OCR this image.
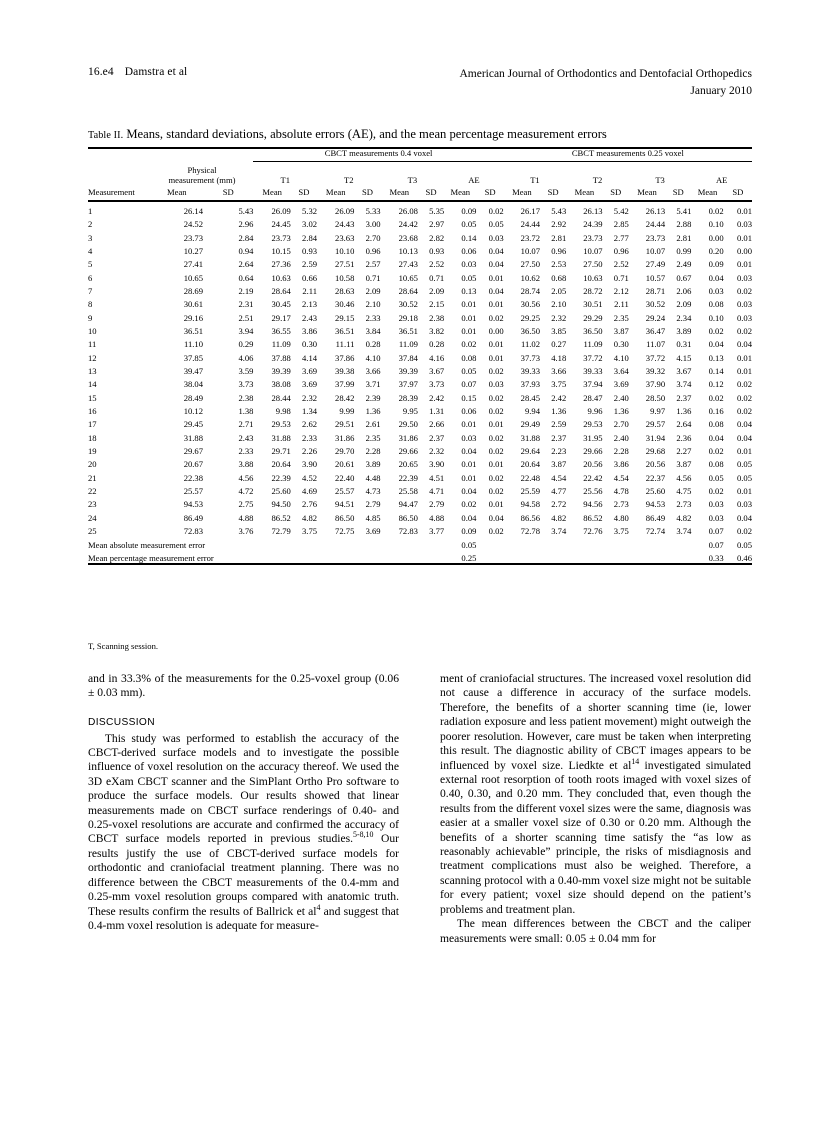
16.e4 Damstra et al	American Journal of Orthodontics and Dentofacial Orthopedics
January 2010
Table II. Means, standard deviations, absolute errors (AE), and the mean percentage measurement errors
			CBCT measurements 0.4 voxel								CBCT measurements 0.25 voxel							

	Physical
measurement (mm)		T1		T2		T3		AE		T1		T2		T3		AE	
Measurement	Mean	SD	Mean	SD	Mean	SD	Mean	SD	Mean	SD	Mean	SD	Mean	SD	Mean	SD	Mean	SD
1	26.14	5.43	26.09	5.32	26.09	5.33	26.08	5.35	0.09	0.02	26.17	5.43	26.13	5.42	26.13	5.41	0.02	0.01
2	24.52	2.96	24.45	3.02	24.43	3.00	24.42	2.97	0.05	0.05	24.44	2.92	24.39	2.85	24.44	2.88	0.10	0.03
3	23.73	2.84	23.73	2.84	23.63	2.70	23.68	2.82	0.14	0.03	23.72	2.81	23.73	2.77	23.73	2.81	0.00	0.01
4	10.27	0.94	10.15	0.93	10.10	0.96	10.13	0.93	0.06	0.04	10.07	0.96	10.07	0.96	10.07	0.99	0.20	0.00
5	27.41	2.64	27.36	2.59	27.51	2.57	27.43	2.52	0.03	0.04	27.50	2.53	27.50	2.52	27.49	2.49	0.09	0.01
6	10.65	0.64	10.63	0.66	10.58	0.71	10.65	0.71	0.05	0.01	10.62	0.68	10.63	0.71	10.57	0.67	0.04	0.03
7	28.69	2.19	28.64	2.11	28.63	2.09	28.64	2.09	0.13	0.04	28.74	2.05	28.72	2.12	28.71	2.06	0.03	0.02
8	30.61	2.31	30.45	2.13	30.46	2.10	30.52	2.15	0.01	0.01	30.56	2.10	30.51	2.11	30.52	2.09	0.08	0.03
9	29.16	2.51	29.17	2.43	29.15	2.33	29.18	2.38	0.01	0.02	29.25	2.32	29.29	2.35	29.24	2.34	0.10	0.03
10	36.51	3.94	36.55	3.86	36.51	3.84	36.51	3.82	0.01	0.00	36.50	3.85	36.50	3.87	36.47	3.89	0.02	0.02
11	11.10	0.29	11.09	0.30	11.11	0.28	11.09	0.28	0.02	0.01	11.02	0.27	11.09	0.30	11.07	0.31	0.04	0.04
12	37.85	4.06	37.88	4.14	37.86	4.10	37.84	4.16	0.08	0.01	37.73	4.18	37.72	4.10	37.72	4.15	0.13	0.01
13	39.47	3.59	39.39	3.69	39.38	3.66	39.39	3.67	0.05	0.02	39.33	3.66	39.33	3.64	39.32	3.67	0.14	0.01
14	38.04	3.73	38.08	3.69	37.99	3.71	37.97	3.73	0.07	0.03	37.93	3.75	37.94	3.69	37.90	3.74	0.12	0.02
15	28.49	2.38	28.44	2.32	28.42	2.39	28.39	2.42	0.15	0.02	28.45	2.42	28.47	2.40	28.50	2.37	0.02	0.02
16	10.12	1.38	9.98	1.34	9.99	1.36	9.95	1.31	0.06	0.02	9.94	1.36	9.96	1.36	9.97	1.36	0.16	0.02
17	29.45	2.71	29.53	2.62	29.51	2.61	29.50	2.66	0.01	0.01	29.49	2.59	29.53	2.70	29.57	2.64	0.08	0.04
18	31.88	2.43	31.88	2.33	31.86	2.35	31.86	2.37	0.03	0.02	31.88	2.37	31.95	2.40	31.94	2.36	0.04	0.04
19	29.67	2.33	29.71	2.26	29.70	2.28	29.66	2.32	0.04	0.02	29.64	2.23	29.66	2.28	29.68	2.27	0.02	0.01
20	20.67	3.88	20.64	3.90	20.61	3.89	20.65	3.90	0.01	0.01	20.64	3.87	20.56	3.86	20.56	3.87	0.08	0.05
21	22.38	4.56	22.39	4.52	22.40	4.48	22.39	4.51	0.01	0.02	22.48	4.54	22.42	4.54	22.37	4.56	0.05	0.05
22	25.57	4.72	25.60	4.69	25.57	4.73	25.58	4.71	0.04	0.02	25.59	4.77	25.56	4.78	25.60	4.75	0.02	0.01
23	94.53	2.75	94.50	2.76	94.51	2.79	94.47	2.79	0.02	0.01	94.58	2.72	94.56	2.73	94.53	2.73	0.03	0.03
24	86.49	4.88	86.52	4.82	86.50	4.85	86.50	4.88	0.04	0.04	86.56	4.82	86.52	4.80	86.49	4.82	0.03	0.04
25	72.83	3.76	72.79	3.75	72.75	3.69	72.83	3.77	0.09	0.02	72.78	3.74	72.76	3.75	72.74	3.74	0.07	0.02
Mean absolute measurement error									0.05								0.07	0.05
Mean percentage measurement error									0.25								0.33	0.46
T, Scanning session.

and in 33.3% of the measurements for the 0.25-voxel group (0.06 ± 0.03 mm).

DISCUSSION

This study was performed to establish the accuracy of the CBCT-derived surface models and to investigate the possible influence of voxel resolution on the accuracy thereof. We used the 3D eXam CBCT scanner and the SimPlant Ortho Pro software to produce the surface models. Our results showed that linear measurements made on CBCT surface renderings of 0.40- and 0.25-voxel resolutions are accurate and confirmed the accuracy of CBCT surface models reported in previous studies.$^{5-8,10}$ Our results justify the use of CBCT-derived surface models for orthodontic and craniofacial treatment planning. There was no difference between the CBCT measurements of the 0.4-mm and 0.25-mm voxel resolution groups compared with anatomic truth. These results confirm the results of Ballrick et $al^4$ and suggest that 0.4-mm voxel resolution is adequate for measure-

ment of craniofacial structures. The increased voxel resolution did not cause a difference in accuracy of the surface models. Therefore, the benefits of a shorter scanning time (ie, lower radiation exposure and less patient movement) might outweigh the poorer resolution. However, care must be taken when interpreting this result. The diagnostic ability of CBCT images appears to be influenced by voxel size. Liedkte et $al^{14}$ investigated simulated external root resorption of tooth roots imaged with voxel sizes of 0.40, 0.30, and 0.20 mm. They concluded that, even though the results from the different voxel sizes were the same, diagnosis was easier at a smaller voxel size of 0.30 or 0.20 mm. Although the benefits of a shorter scanning time satisfy the “as low as reasonably achievable” principle, the risks of misdiagnosis and treatment complications must also be weighed. Therefore, a scanning protocol with a 0.40-mm voxel size might not be suitable for every patient; voxel size should depend on the patient’s problems and treatment plan.

The mean differences between the CBCT and the caliper measurements were small: 0.05 ± 0.04 mm for
